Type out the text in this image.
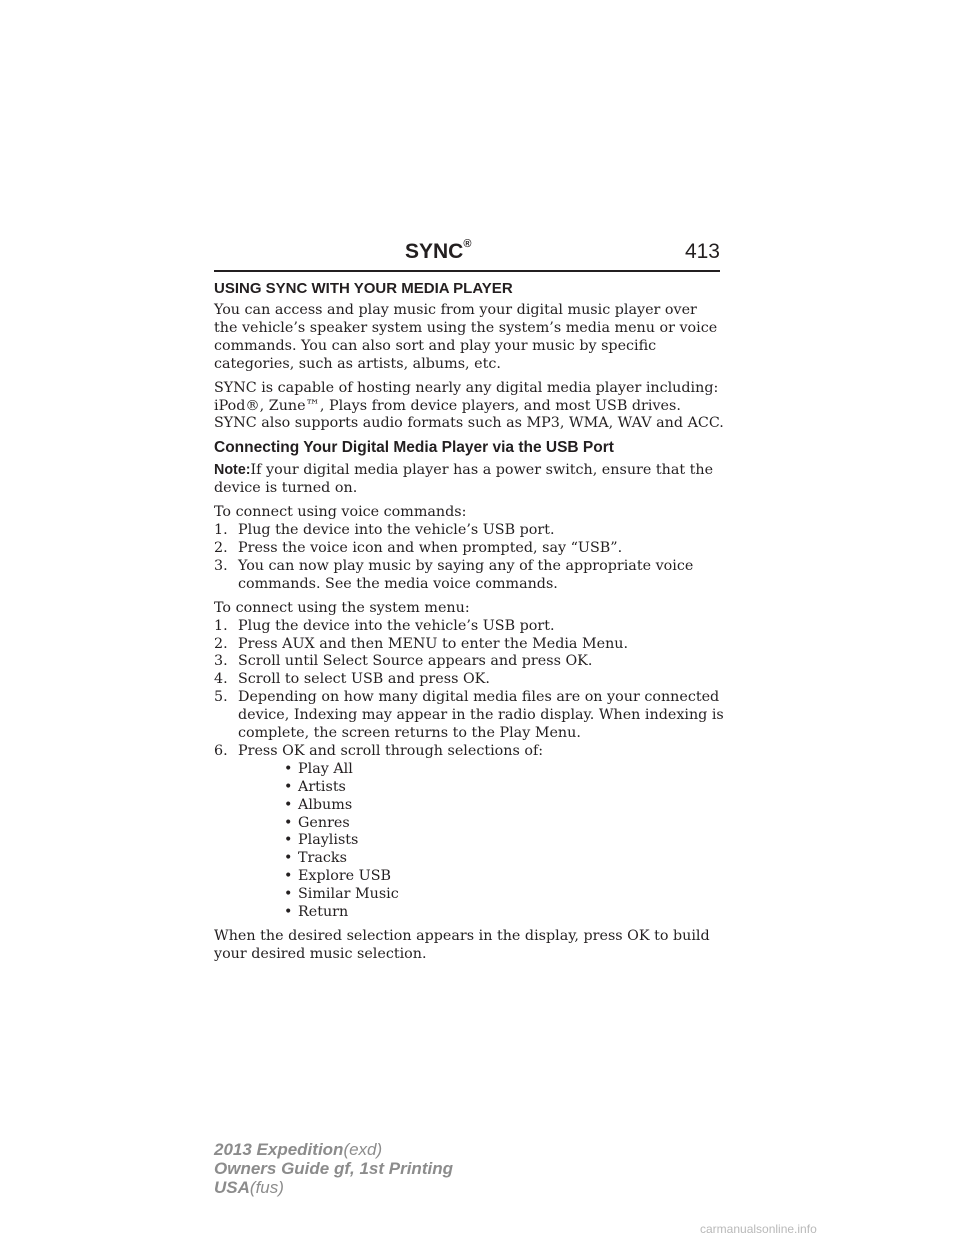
SYNC®	413
USING SYNC WITH YOUR MEDIA PLAYER

You can access and play music from your digital music player over the vehicle’s speaker system using the system’s media menu or voice commands. You can also sort and play your music by specific categories, such as artists, albums, etc.

SYNC is capable of hosting nearly any digital media player including: iPod®, Zune™, Plays from device players, and most USB drives. SYNC also supports audio formats such as MP3, WMA, WAV and ACC.

Connecting Your Digital Media Player via the USB Port

Note:If your digital media player has a power switch, ensure that the device is turned on.

To connect using voice commands:

1. Plug the device into the vehicle’s USB port.
2. Press the voice icon and when prompted, say “USB”.
3. You can now play music by saying any of the appropriate voice commands. See the media voice commands.

To connect using the system menu:

1. Plug the device into the vehicle’s USB port.
2. Press AUX and then MENU to enter the Media Menu.
3. Scroll until Select Source appears and press OK.
4. Scroll to select USB and press OK.
5. Depending on how many digital media files are on your connected device, Indexing may appear in the radio display. When indexing is complete, the screen returns to the Play Menu.
6. Press OK and scroll through selections of:
• Play All
• Artists
• Albums
• Genres
• Playlists
• Tracks
• Explore USB
• Similar Music
• Return

When the desired selection appears in the display, press OK to build your desired music selection.

2013 Expedition(exd)
Owners Guide gf, 1st Printing
USA(fus)
carmanualsonline.info
